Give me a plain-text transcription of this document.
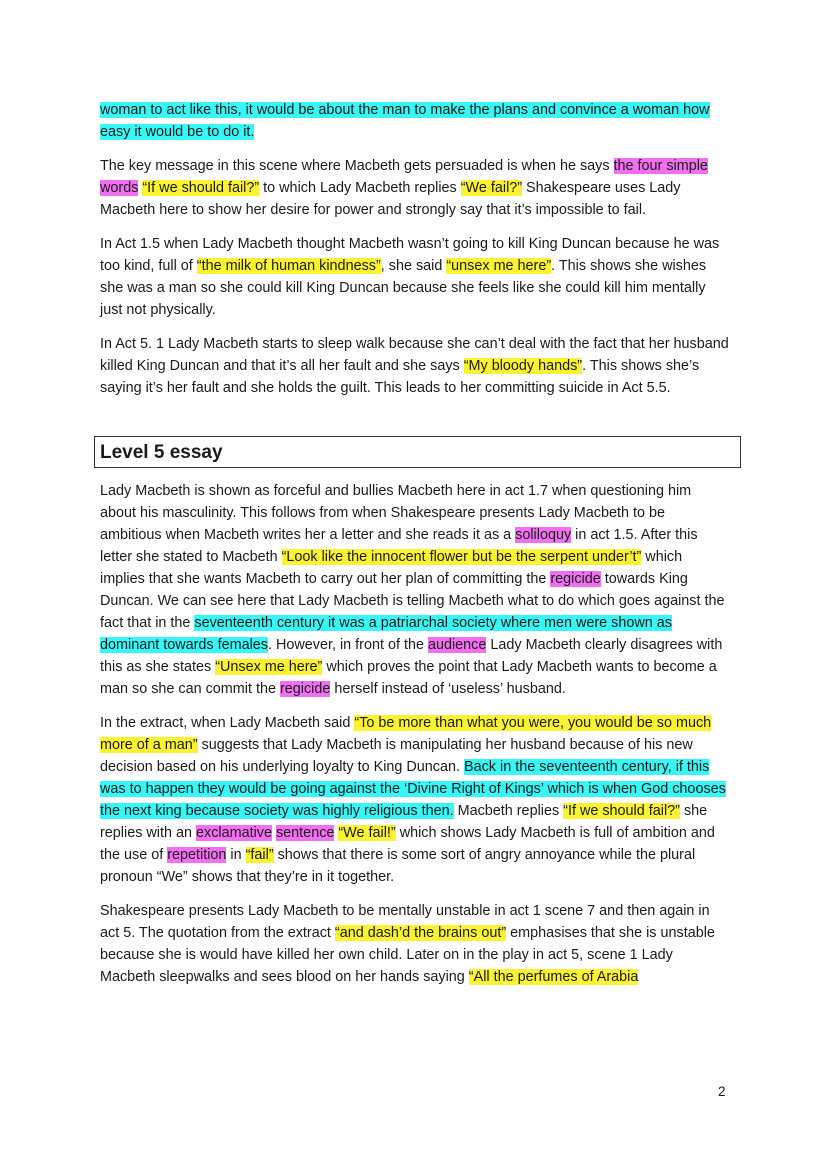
woman to act like this, it would be about the man to make the plans and convince a woman how easy it would be to do it.

The key message in this scene where Macbeth gets persuaded is when he says the four simple words “If we should fail?” to which Lady Macbeth replies “We fail?” Shakespeare uses Lady Macbeth here to show her desire for power and strongly say that it’s impossible to fail.

In Act 1.5 when Lady Macbeth thought Macbeth wasn’t going to kill King Duncan because he was too kind, full of “the milk of human kindness”, she said “unsex me here”. This shows she wishes she was a man so she could kill King Duncan because she feels like she could kill him mentally just not physically.

In Act 5. 1 Lady Macbeth starts to sleep walk because she can’t deal with the fact that her husband killed King Duncan and that it’s all her fault and she says “My bloody hands”. This shows she’s saying it’s her fault and she holds the guilt. This leads to her committing suicide in Act 5.5.

Level 5 essay

Lady Macbeth is shown as forceful and bullies Macbeth here in act 1.7 when questioning him about his masculinity. This follows from when Shakespeare presents Lady Macbeth to be ambitious when Macbeth writes her a letter and she reads it as a soliloquy in act 1.5. After this letter she stated to Macbeth “Look like the innocent flower but be the serpent under’t” which implies that she wants Macbeth to carry out her plan of committing the regicide towards King Duncan. We can see here that Lady Macbeth is telling Macbeth what to do which goes against the fact that in the seventeenth century it was a patriarchal society where men were shown as dominant towards females. However, in front of the audience Lady Macbeth clearly disagrees with this as she states “Unsex me here” which proves the point that Lady Macbeth wants to become a man so she can commit the regicide herself instead of ‘useless’ husband.

In the extract, when Lady Macbeth said “To be more than what you were, you would be so much more of a man” suggests that Lady Macbeth is manipulating her husband because of his new decision based on his underlying loyalty to King Duncan. Back in the seventeenth century, if this was to happen they would be going against the ‘Divine Right of Kings’ which is when God chooses the next king because society was highly religious then. Macbeth replies “If we should fail?” she replies with an exclamative sentence “We fail!” which shows Lady Macbeth is full of ambition and the use of repetition in “fail” shows that there is some sort of angry annoyance while the plural pronoun “We” shows that they’re in it together.

Shakespeare presents Lady Macbeth to be mentally unstable in act 1 scene 7 and then again in act 5. The quotation from the extract “and dash’d the brains out” emphasises that she is unstable because she is would have killed her own child. Later on in the play in act 5, scene 1 Lady Macbeth sleepwalks and sees blood on her hands saying “All the perfumes of Arabia

2
